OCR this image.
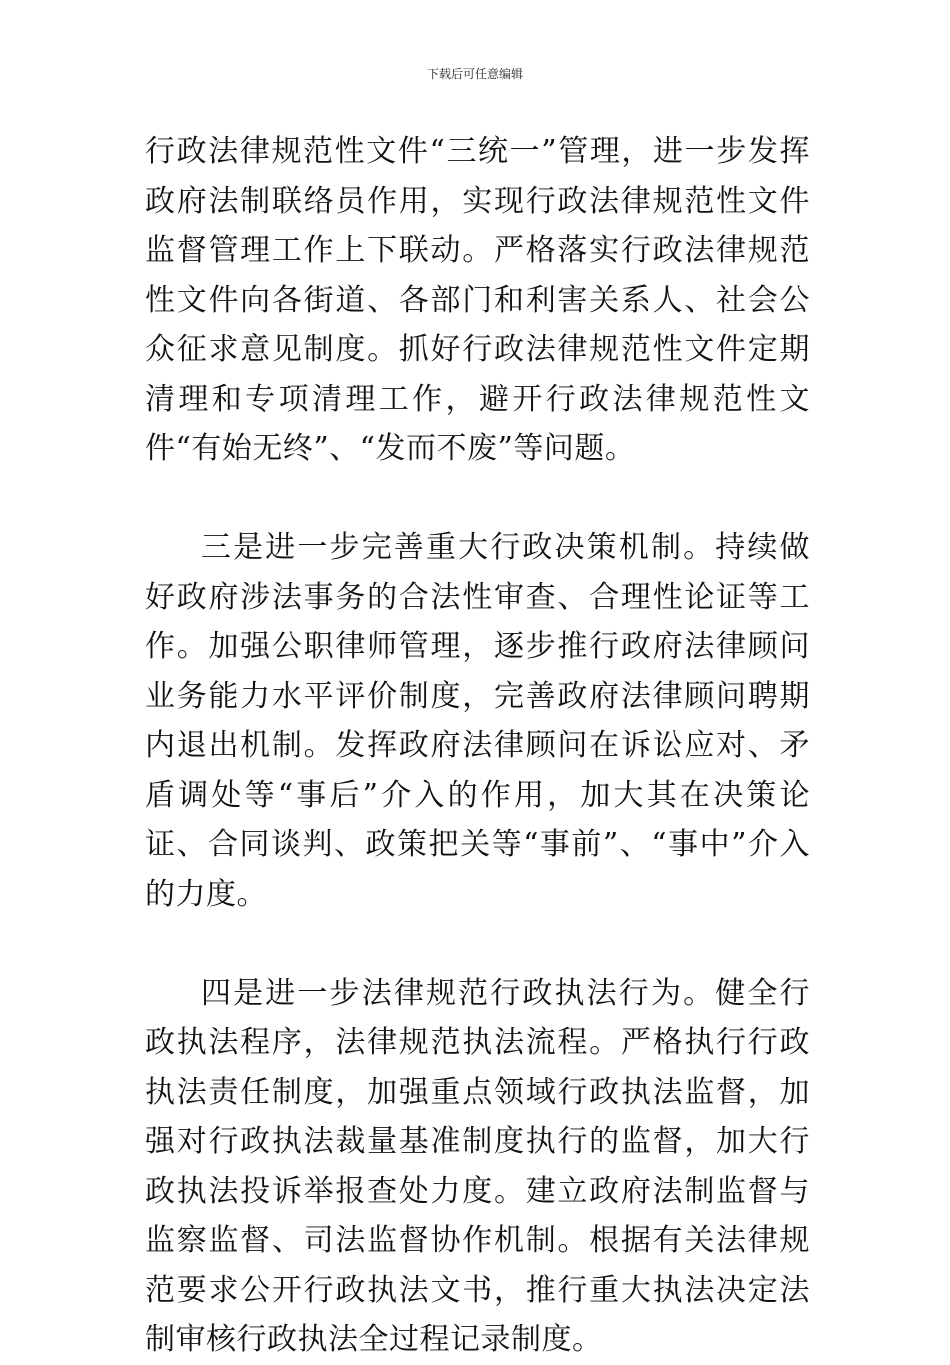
下载后可任意编辑

行政法律规范性文件“三统一”管理，进一步发挥政府法制联络员作用，实现行政法律规范性文件监督管理工作上下联动。严格落实行政法律规范性文件向各街道、各部门和利害关系人、社会公众征求意见制度。抓好行政法律规范性文件定期清理和专项清理工作，避开行政法律规范性文件“有始无终”、“发而不废”等问题。

三是进一步完善重大行政决策机制。持续做好政府涉法事务的合法性审查、合理性论证等工作。加强公职律师管理，逐步推行政府法律顾问业务能力水平评价制度，完善政府法律顾问聘期内退出机制。发挥政府法律顾问在诉讼应对、矛盾调处等“事后”介入的作用，加大其在决策论证、合同谈判、政策把关等“事前”、“事中”介入的力度。

四是进一步法律规范行政执法行为。健全行政执法程序，法律规范执法流程。严格执行行政执法责任制度，加强重点领域行政执法监督，加强对行政执法裁量基准制度执行的监督，加大行政执法投诉举报查处力度。建立政府法制监督与监察监督、司法监督协作机制。根据有关法律规范要求公开行政执法文书，推行重大执法决定法制审核行政执法全过程记录制度。
